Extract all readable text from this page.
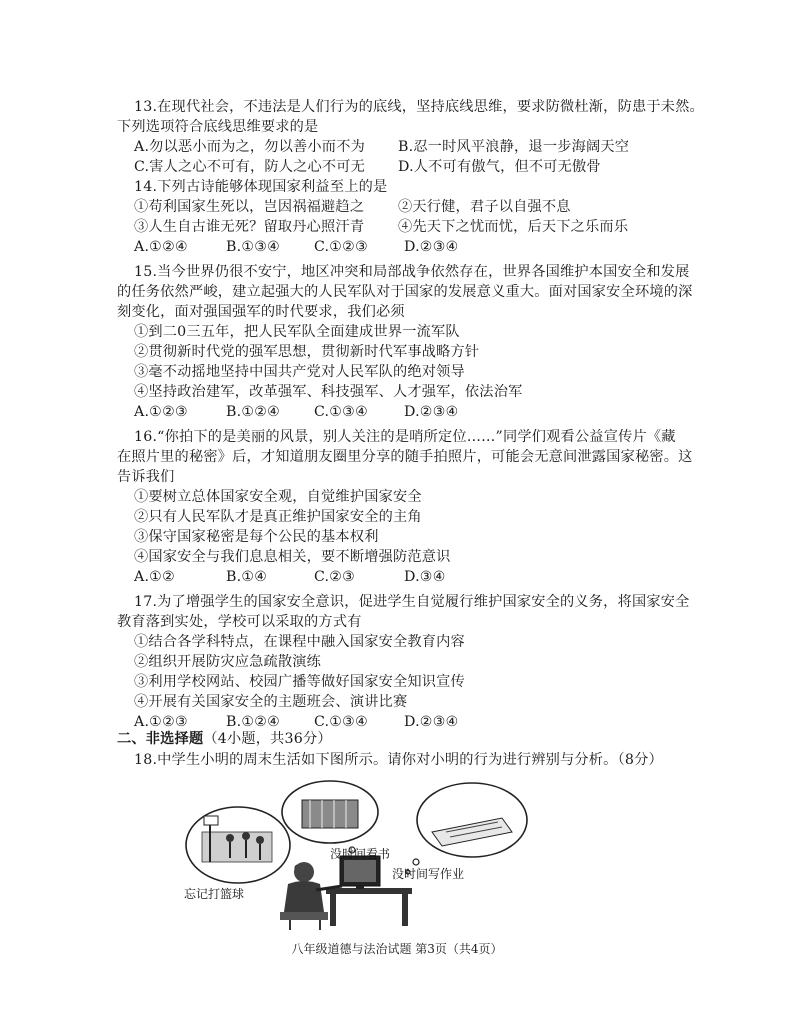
13.在现代社会，不违法是人们行为的底线，坚持底线思维，要求防微杜渐，防患于未然。
下列选项符合底线思维要求的是
A.勿以恶小而为之，勿以善小而不为 B.忍一时风平浪静，退一步海阔天空
C.害人之心不可有，防人之心不可无 D.人不可有傲气，但不可无傲骨
14.下列古诗能够体现国家利益至上的是
①苟利国家生死以，岂因祸福避趋之 ②天行健，君子以自强不息
③人生自古谁无死？留取丹心照汗青 ④先天下之忧而忧，后天下之乐而乐
A.①②④	B.①③④ C.①②③	D.②③④
15.当今世界仍很不安宁，地区冲突和局部战争依然存在，世界各国维护本国安全和发展
的任务依然严峻，建立起强大的人民军队对于国家的发展意义重大。面对国家安全环境的深
刻变化，面对强国强军的时代要求，我们必须
①到二0三五年，把人民军队全面建成世界一流军队
②贯彻新时代党的强军思想，贯彻新时代军事战略方针
③毫不动摇地坚持中国共产党对人民军队的绝对领导
④坚持政治建军，改革强军、科技强军、人才强军，依法治军
A.①②③	B.①②④ C.①③④	D.②③④
16.“你拍下的是美丽的风景，别人关注的是哨所定位……”同学们观看公益宣传片《藏
在照片里的秘密》后，才知道朋友圈里分享的随手拍照片，可能会无意间泄露国家秘密。这
告诉我们
①要树立总体国家安全观，自觉维护国家安全
②只有人民军队才是真正维护国家安全的主角
③保守国家秘密是每个公民的基本权利
④国家安全与我们息息相关，要不断增强防范意识
A.①②	B.①④	C.②③	D.③④
17.为了增强学生的国家安全意识，促进学生自觉履行维护国家安全的义务，将国家安全
教育落到实处，学校可以采取的方式有
①结合各学科特点，在课程中融入国家安全教育内容
②组织开展防灾应急疏散演练
③利用学校网站、校园广播等做好国家安全知识宣传
④开展有关国家安全的主题班会、演讲比赛
A.①②③	B.①②④ C.①③④	D.②③④
二、非选择题（4小题，共36分）
18.中学生小明的周末生活如下图所示。请你对小明的行为进行辨别与分析。（8分）
没时间看书
没时间写作业
忘记打篮球
八年级道德与法治试题 第3页（共4页）
